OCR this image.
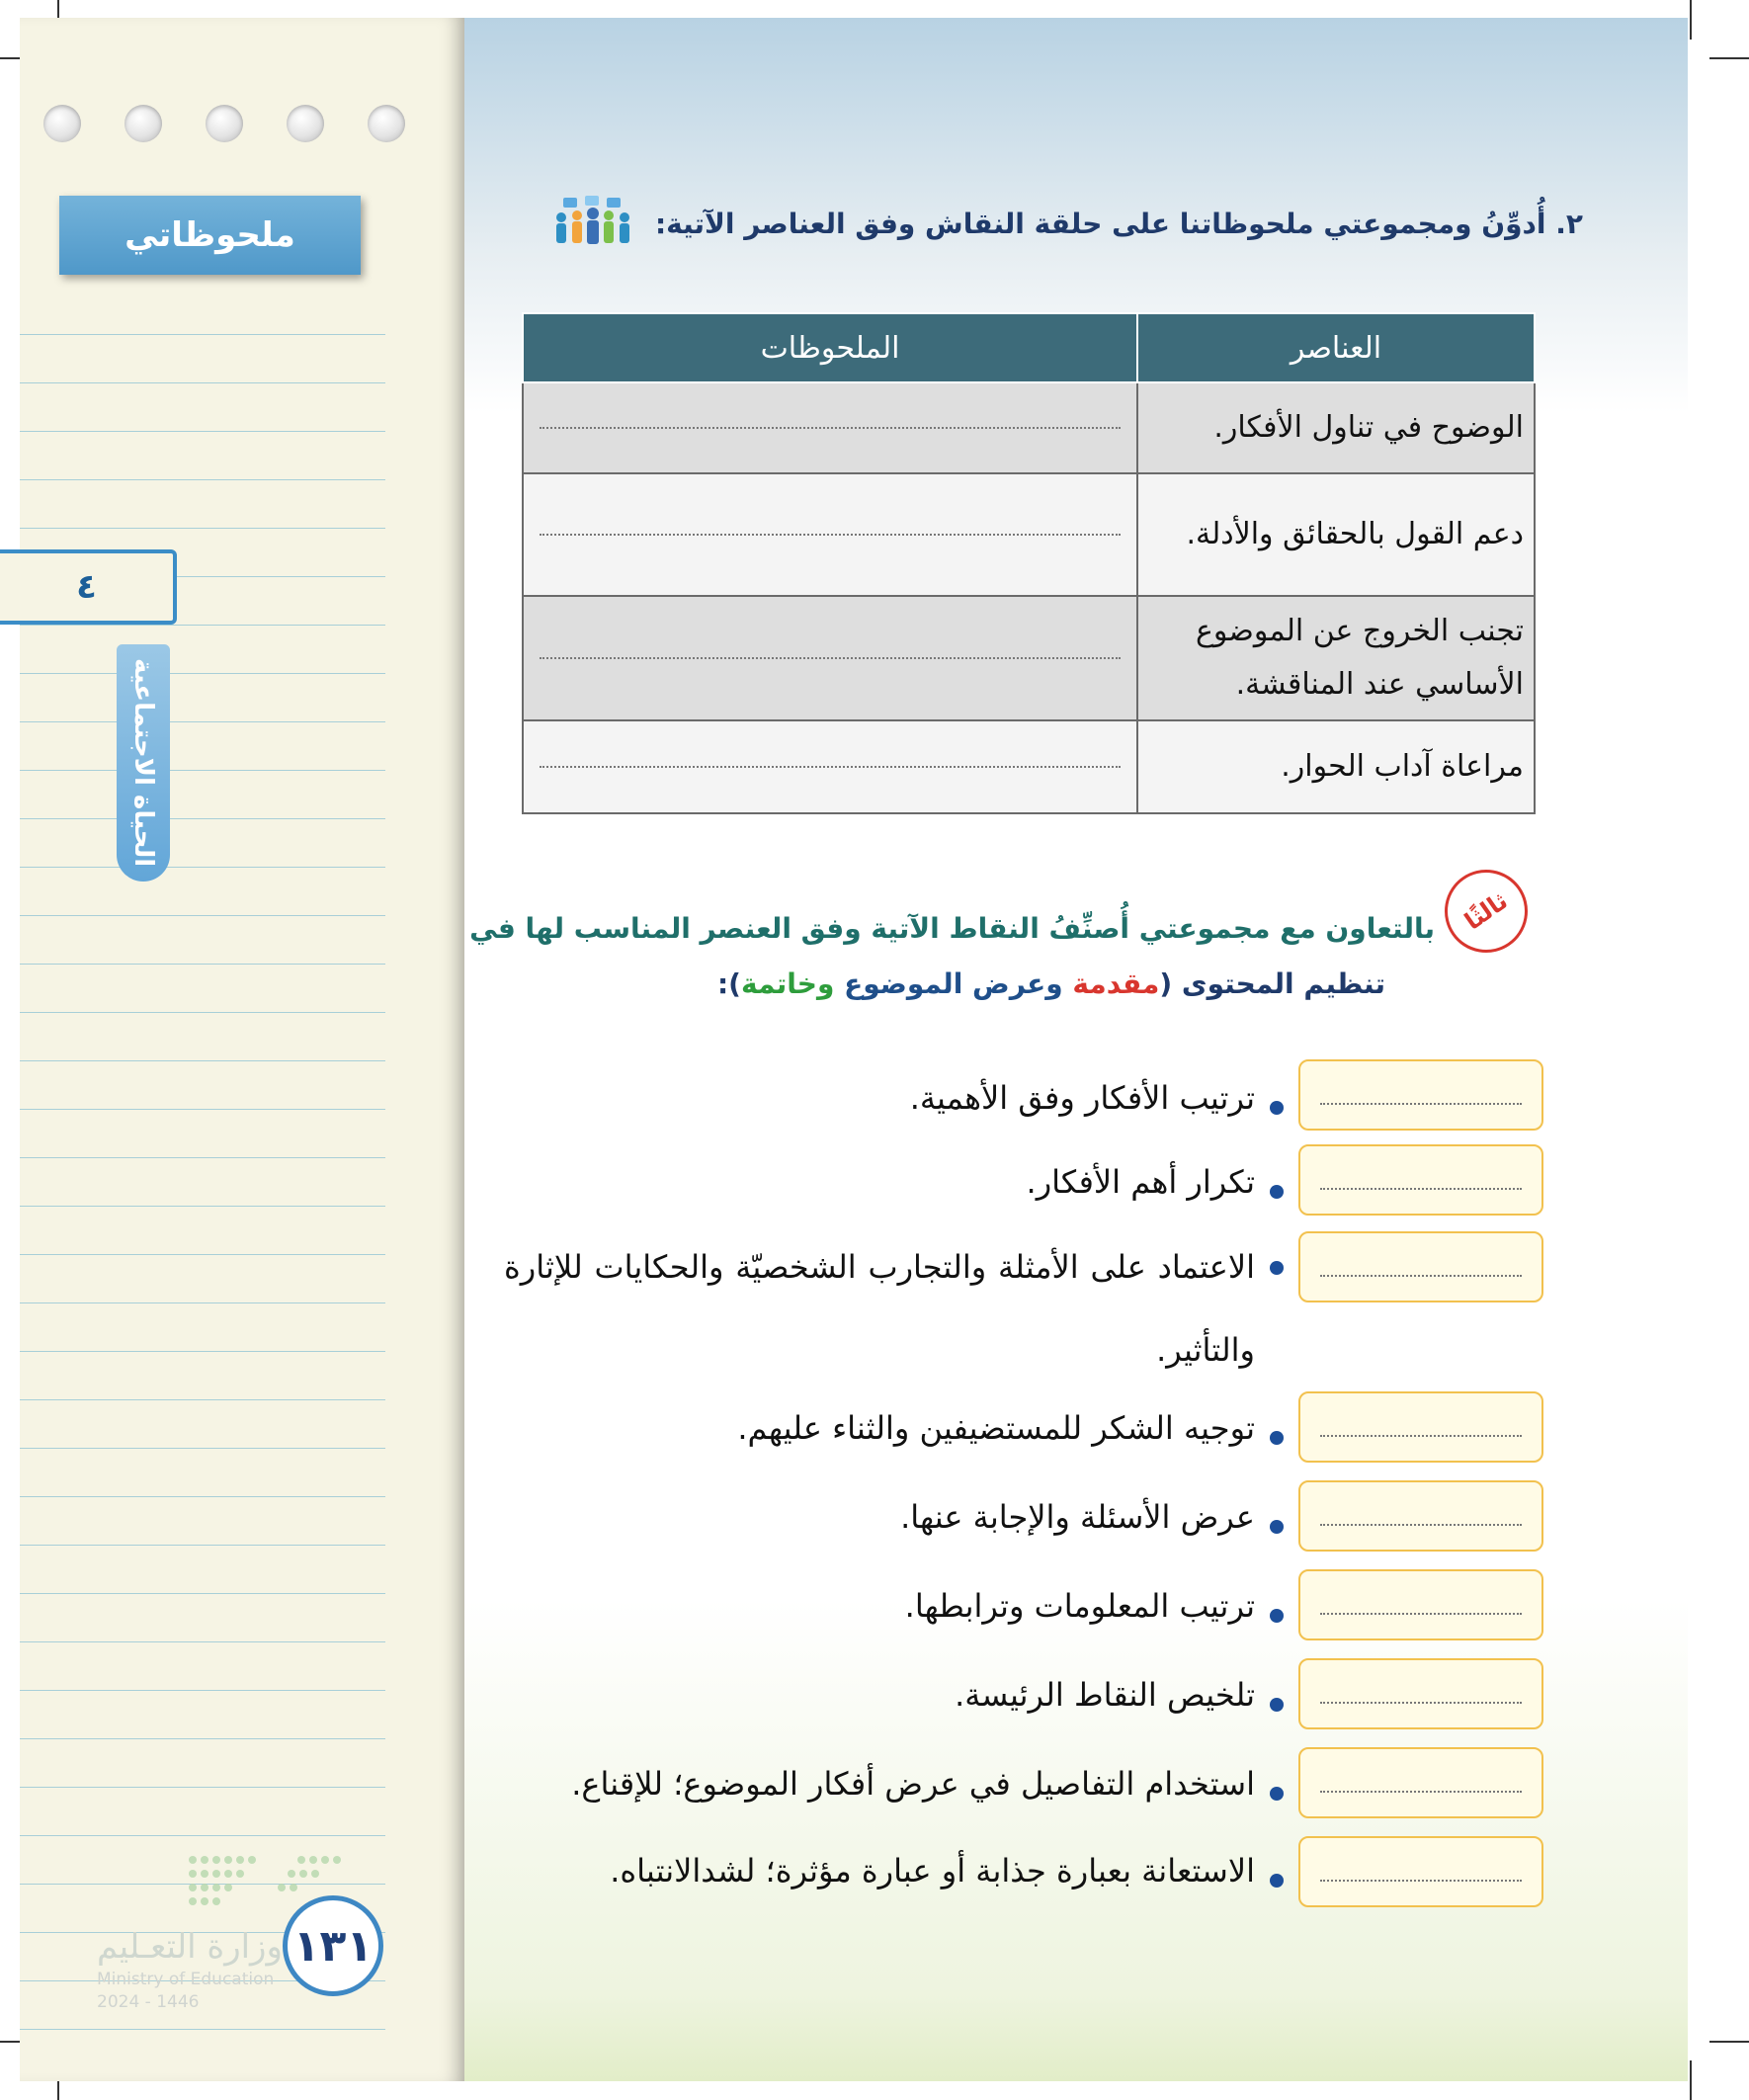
ملحوظاتي
٤
الحياة الاجتماعية
وزارة التعـليم
Ministry of Education
2024 - 1446
١٣١
٢. أُدوِّنُ ومجموعتي ملحوظاتنا على حلقة النقاش وفق العناصر الآتية:
العناصر	الملحوظات
الوضوح في تناول الأفكار.	

دعم القول بالحقائق والأدلة.	

تجنب الخروج عن الموضوع الأساسي عند المناقشة.	

مراعاة آداب الحوار.	
ثالثًا
بالتعاون مع مجموعتي أُصنِّفُ النقاط الآتية وفق العنصر المناسب لها في
تنظيم المحتوى (مقدمة وعرض الموضوع وخاتمة):
ترتيب الأفكار وفق الأهمية.
تكرار أهم الأفكار.
الاعتماد على الأمثلة والتجارب الشخصيّة والحكايات للإثارة والتأثير.
توجيه الشكر للمستضيفين والثناء عليهم.
عرض الأسئلة والإجابة عنها.
ترتيب المعلومات وترابطها.
تلخيص النقاط الرئيسة.
استخدام التفاصيل في عرض أفكار الموضوع؛ للإقناع.
الاستعانة بعبارة جذابة أو عبارة مؤثرة؛ لشدالانتباه.
